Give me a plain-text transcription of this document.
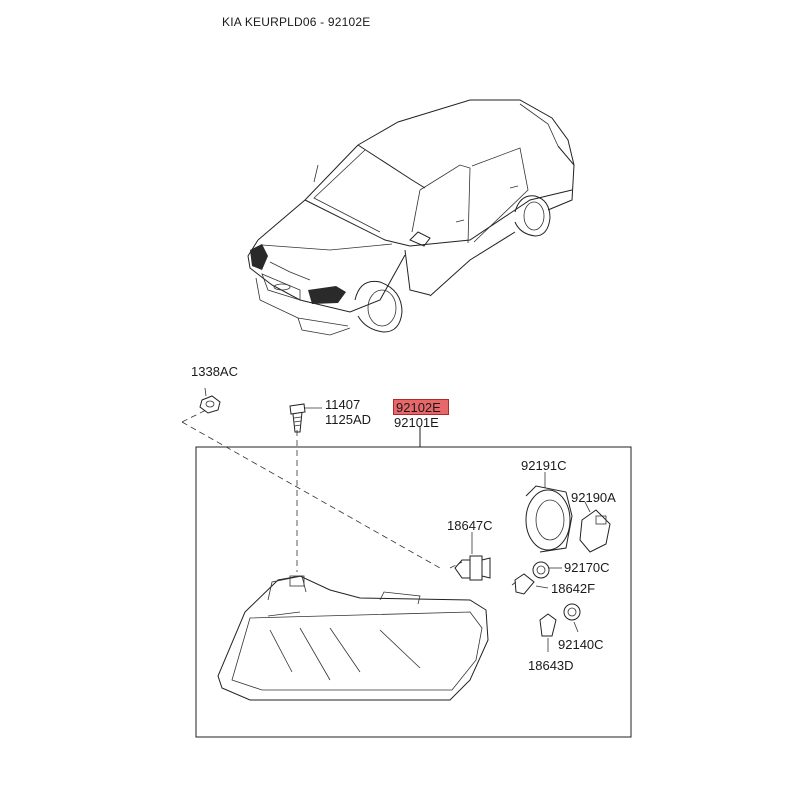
KIA KEURPLD06 - 92102E
1338AC
11407
1125AD
92102E
92101E
92191C
92190A
18647C
92170C
18642F
92140C
18643D
